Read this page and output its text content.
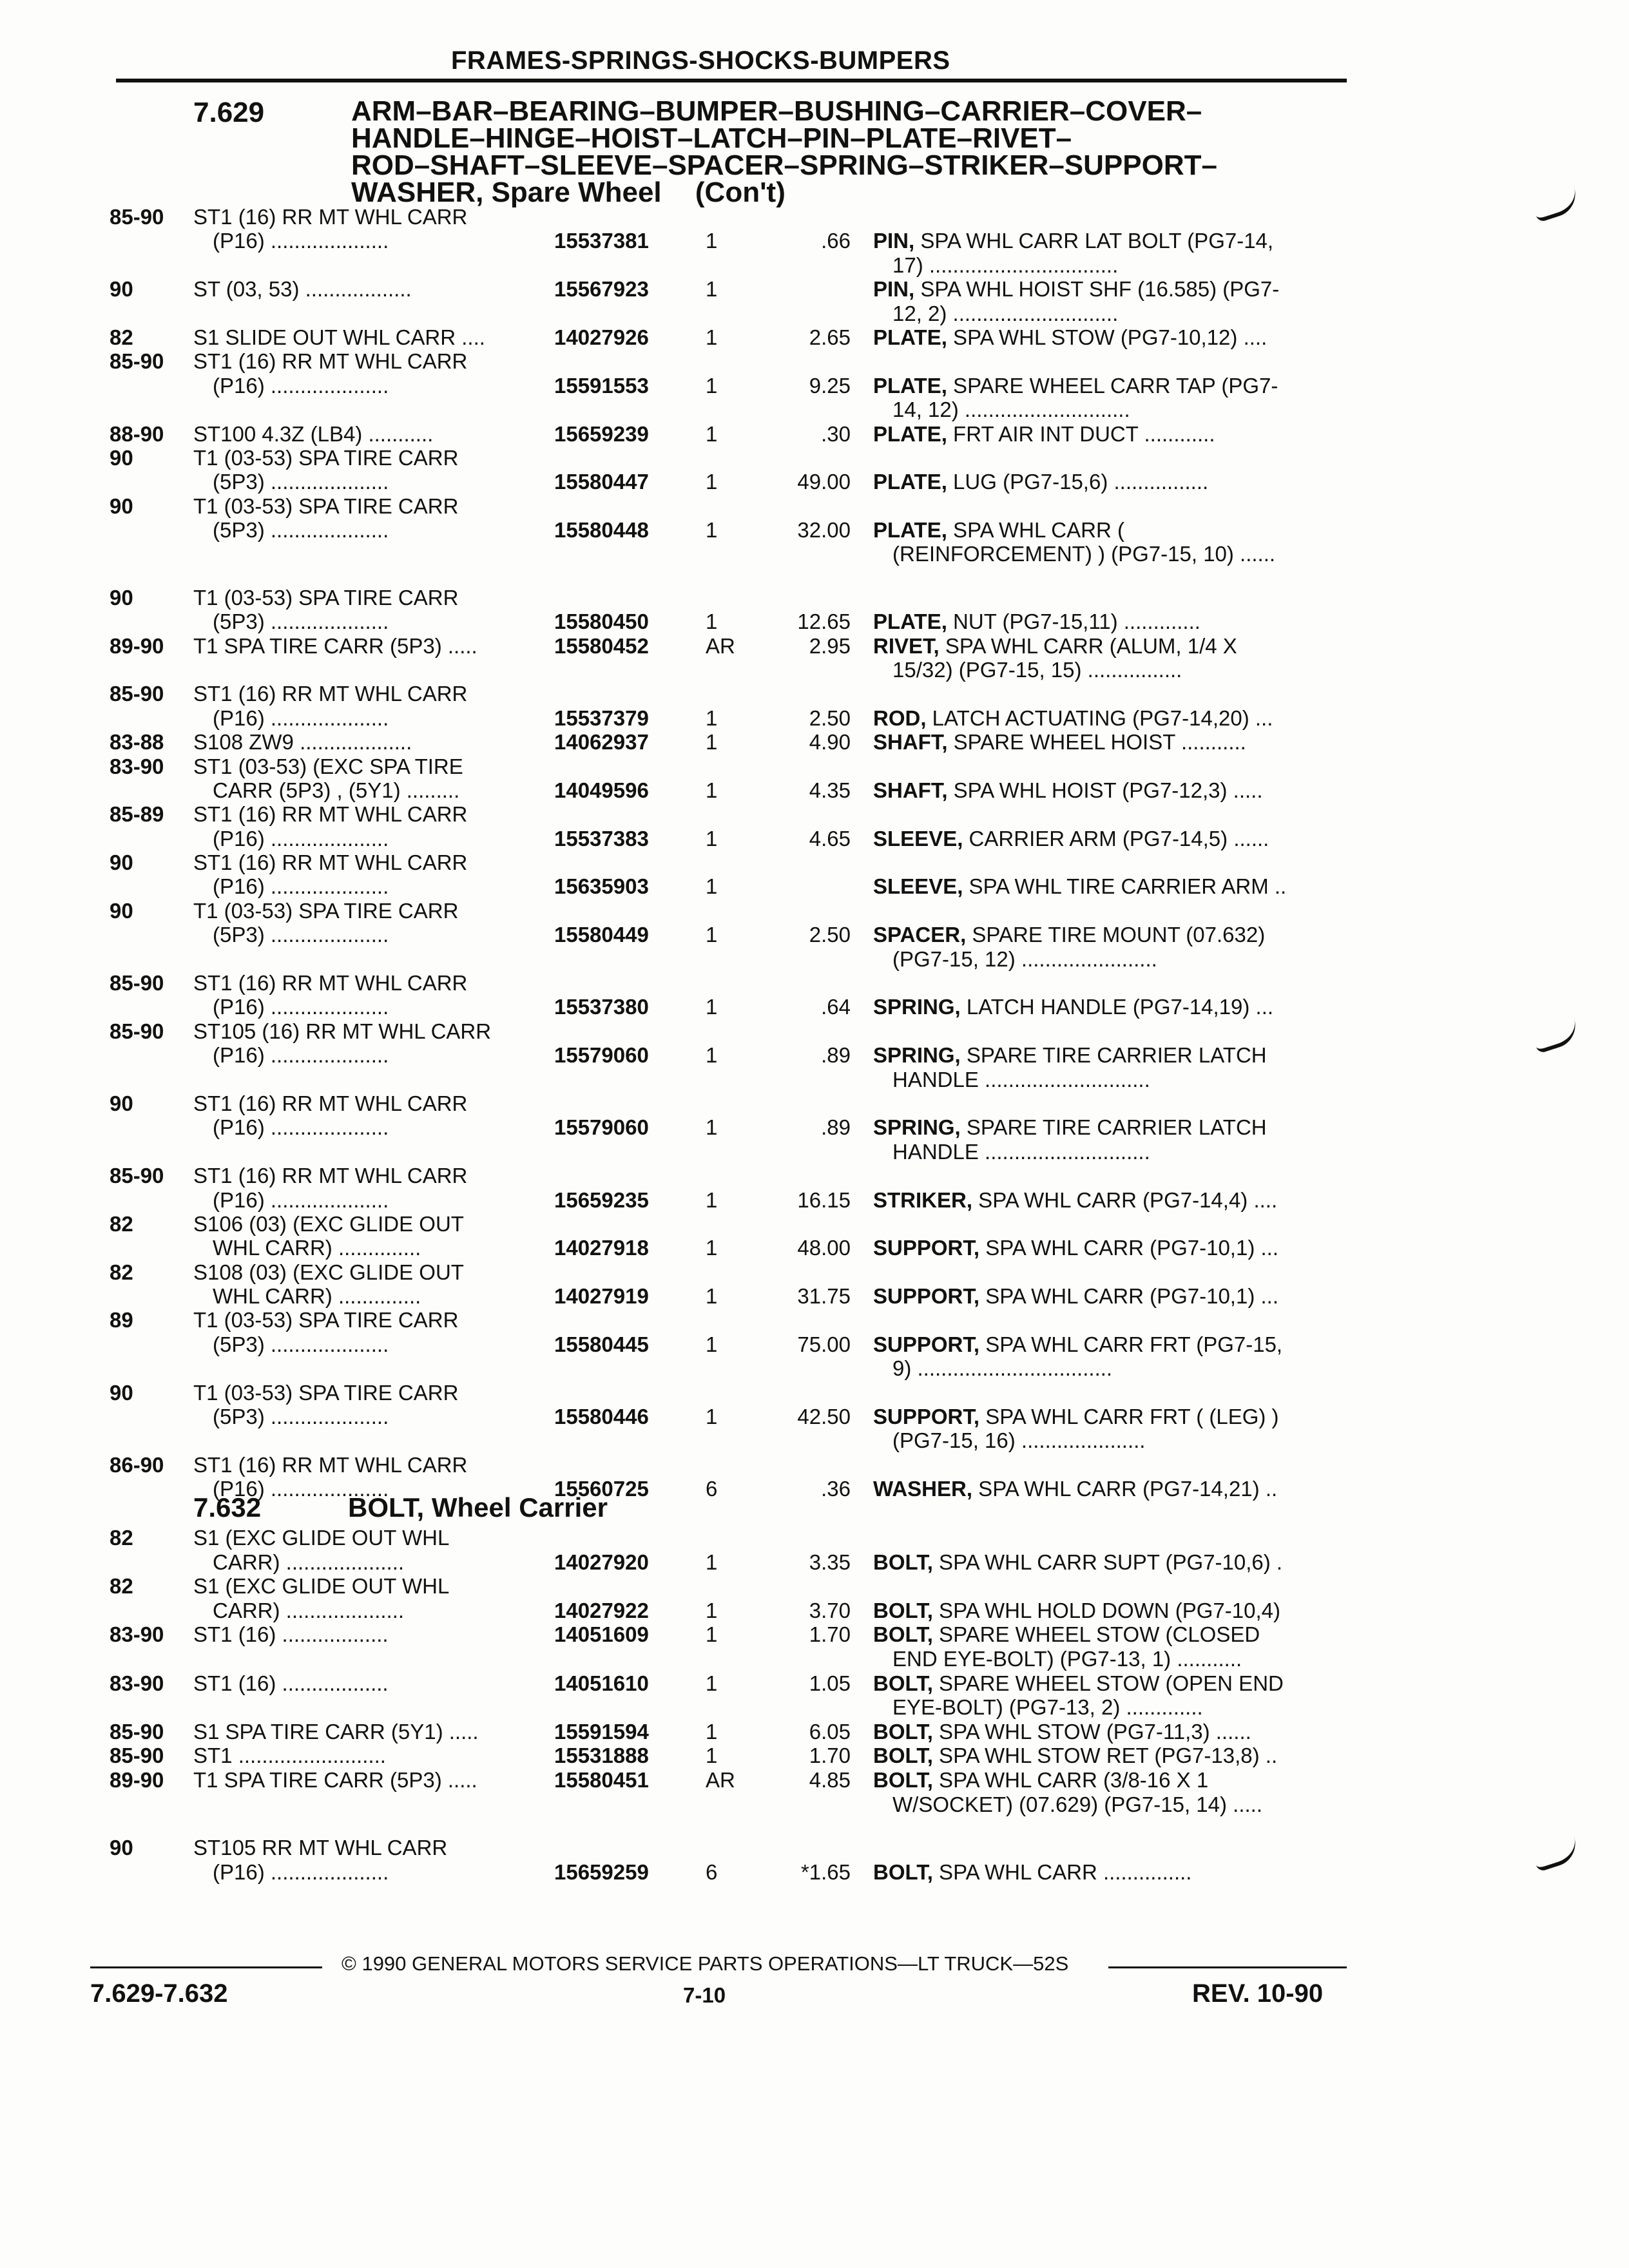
FRAMES-SPRINGS-SHOCKS-BUMPERS
7.629	ARM–BAR–BEARING–BUMPER–BUSHING–CARRIER–COVER–
HANDLE–HINGE–HOIST–LATCH–PIN–PLATE–RIVET–
ROD–SHAFT–SLEEVE–SPACER–SPRING–STRIKER–SUPPORT–
WASHER, Spare Wheel (Con't)
85-90 ST1 (16) RR MT WHL CARR
(P16) ....................	15537381	1	.66 PIN, SPA WHL CARR LAT BOLT (PG7-14,
17) ................................
90	ST (03, 53) ..................	15567923	1	PIN, SPA WHL HOIST SHF (16.585) (PG7-
12, 2) ............................
82	S1 SLIDE OUT WHL CARR ....	14027926	1	2.65 PLATE, SPA WHL STOW (PG7-10,12) ....
85-90 ST1 (16) RR MT WHL CARR
(P16) ....................	15591553	1	9.25 PLATE, SPARE WHEEL CARR TAP (PG7-
14, 12) ............................
88-90 ST100 4.3Z (LB4) ...........	15659239	1	.30 PLATE, FRT AIR INT DUCT ............
90	T1 (03-53) SPA TIRE CARR
(5P3) ....................	15580447	1	49.00 PLATE, LUG (PG7-15,6) ................
90	T1 (03-53) SPA TIRE CARR
(5P3) ....................	15580448	1	32.00 PLATE, SPA WHL CARR (
(REINFORCEMENT) ) (PG7-15, 10) ......
90	T1 (03-53) SPA TIRE CARR
(5P3) ....................	15580450	1	12.65 PLATE, NUT (PG7-15,11) .............
89-90 T1 SPA TIRE CARR (5P3) .....	15580452	AR	2.95 RIVET, SPA WHL CARR (ALUM, 1/4 X
15/32) (PG7-15, 15) ................
85-90 ST1 (16) RR MT WHL CARR
(P16) ....................	15537379	1	2.50 ROD, LATCH ACTUATING (PG7-14,20) ...
83-88 S108 ZW9 ...................	14062937	1	4.90 SHAFT, SPARE WHEEL HOIST ...........
83-90 ST1 (03-53) (EXC SPA TIRE
CARR (5P3) , (5Y1) .........	14049596	1	4.35 SHAFT, SPA WHL HOIST (PG7-12,3) .....
85-89 ST1 (16) RR MT WHL CARR
(P16) ....................	15537383	1	4.65 SLEEVE, CARRIER ARM (PG7-14,5) ......
90	ST1 (16) RR MT WHL CARR
(P16) ....................	15635903	1	SLEEVE, SPA WHL TIRE CARRIER ARM ..
90	T1 (03-53) SPA TIRE CARR
(5P3) ....................	15580449	1	2.50 SPACER, SPARE TIRE MOUNT (07.632)
(PG7-15, 12) .......................
85-90 ST1 (16) RR MT WHL CARR
(P16) ....................	15537380	1	.64 SPRING, LATCH HANDLE (PG7-14,19) ...
85-90 ST105 (16) RR MT WHL CARR
(P16) ....................	15579060	1	.89 SPRING, SPARE TIRE CARRIER LATCH
HANDLE ............................
90	ST1 (16) RR MT WHL CARR
(P16) ....................	15579060	1	.89 SPRING, SPARE TIRE CARRIER LATCH
HANDLE ............................
85-90 ST1 (16) RR MT WHL CARR
(P16) ....................	15659235	1	16.15 STRIKER, SPA WHL CARR (PG7-14,4) ....
82	S106 (03) (EXC GLIDE OUT
WHL CARR) ..............	14027918	1	48.00 SUPPORT, SPA WHL CARR (PG7-10,1) ...
82	S108 (03) (EXC GLIDE OUT
WHL CARR) ..............	14027919	1	31.75 SUPPORT, SPA WHL CARR (PG7-10,1) ...
89	T1 (03-53) SPA TIRE CARR
(5P3) ....................	15580445	1	75.00 SUPPORT, SPA WHL CARR FRT (PG7-15,
9) .................................
90	T1 (03-53) SPA TIRE CARR
(5P3) ....................	15580446	1	42.50 SUPPORT, SPA WHL CARR FRT ( (LEG) )
(PG7-15, 16) .....................
86-90 ST1 (16) RR MT WHL CARR
(P16) ....................	15560725	6	.36 WASHER, SPA WHL CARR (PG7-14,21) ..
7.632	BOLT, Wheel Carrier
82	S1 (EXC GLIDE OUT WHL
CARR) ....................	14027920	1	3.35 BOLT, SPA WHL CARR SUPT (PG7-10,6) .
82	S1 (EXC GLIDE OUT WHL
CARR) ....................	14027922	1	3.70 BOLT, SPA WHL HOLD DOWN (PG7-10,4)
83-90 ST1 (16) ..................	14051609	1	1.70 BOLT, SPARE WHEEL STOW (CLOSED
END EYE-BOLT) (PG7-13, 1) ...........
83-90 ST1 (16) ..................	14051610	1	1.05 BOLT, SPARE WHEEL STOW (OPEN END
EYE-BOLT) (PG7-13, 2) .............
85-90 S1 SPA TIRE CARR (5Y1) .....	15591594	1	6.05 BOLT, SPA WHL STOW (PG7-11,3) ......
85-90 ST1 .........................	15531888	1	1.70 BOLT, SPA WHL STOW RET (PG7-13,8) ..
89-90 T1 SPA TIRE CARR (5P3) .....	15580451	AR	4.85 BOLT, SPA WHL CARR (3/8-16 X 1
W/SOCKET) (07.629) (PG7-15, 14) .....
90	ST105 RR MT WHL CARR
(P16) ....................	15659259	6	*1.65 BOLT, SPA WHL CARR ...............
© 1990 GENERAL MOTORS SERVICE PARTS OPERATIONS—LT TRUCK—52S
7.629-7.632	7-10	REV. 10-90
